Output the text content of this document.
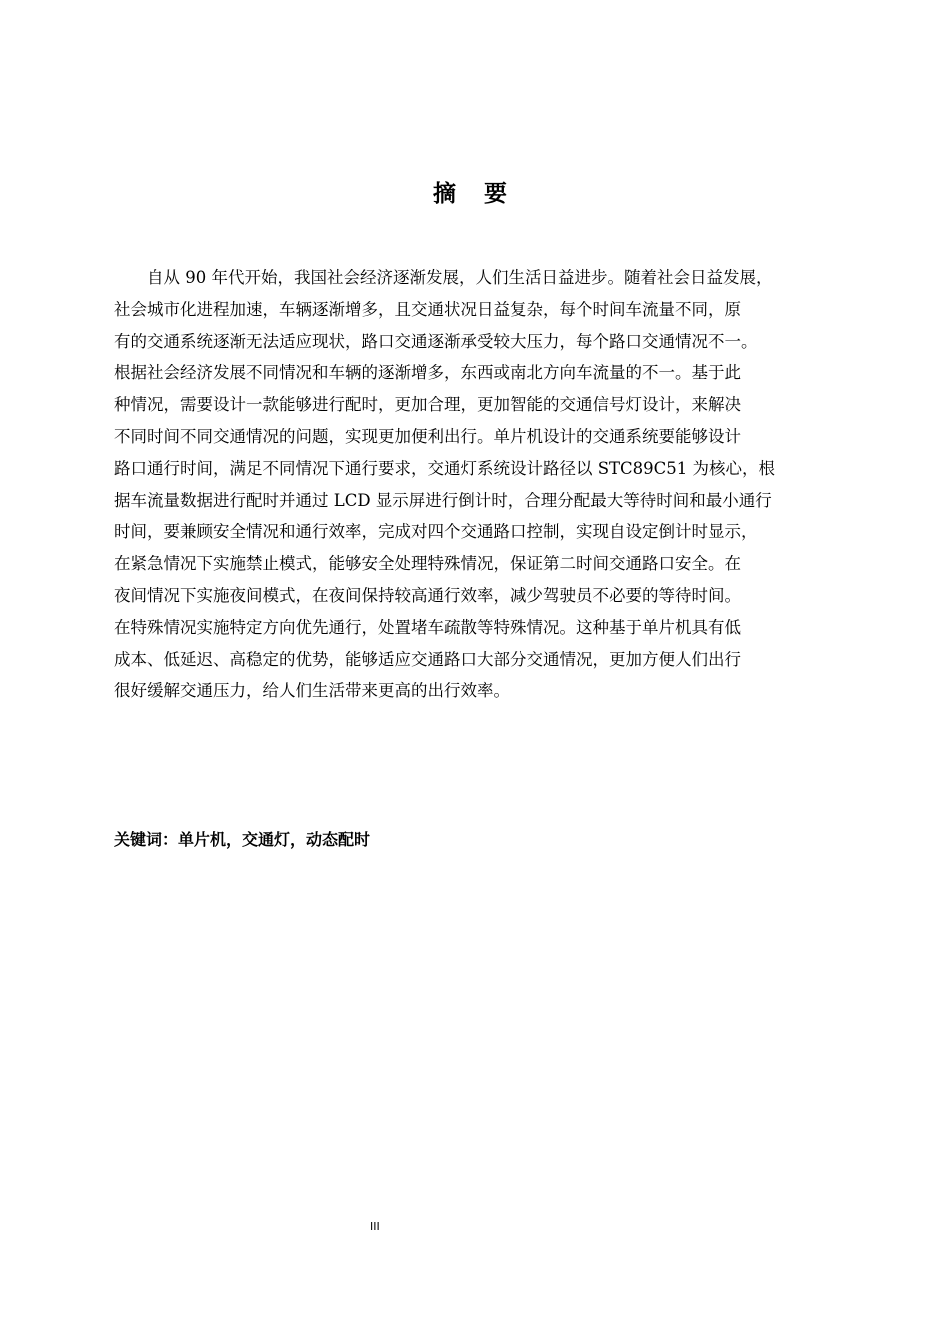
摘 要
　　自从 90 年代开始，我国社会经济逐渐发展，人们生活日益进步。随着社会日益发展，
社会城市化进程加速，车辆逐渐增多，且交通状况日益复杂，每个时间车流量不同，原
有的交通系统逐渐无法适应现状，路口交通逐渐承受较大压力，每个路口交通情况不一。
根据社会经济发展不同情况和车辆的逐渐增多，东西或南北方向车流量的不一。基于此
种情况，需要设计一款能够进行配时，更加合理，更加智能的交通信号灯设计，来解决
不同时间不同交通情况的问题，实现更加便利出行。单片机设计的交通系统要能够设计
路口通行时间，满足不同情况下通行要求，交通灯系统设计路径以 STC89C51 为核心，根
据车流量数据进行配时并通过 LCD 显示屏进行倒计时，合理分配最大等待时间和最小通行
时间，要兼顾安全情况和通行效率，完成对四个交通路口控制，实现自设定倒计时显示，
在紧急情况下实施禁止模式，能够安全处理特殊情况，保证第二时间交通路口安全。在
夜间情况下实施夜间模式，在夜间保持较高通行效率，减少驾驶员不必要的等待时间。
在特殊情况实施特定方向优先通行，处置堵车疏散等特殊情况。这种基于单片机具有低
成本、低延迟、高稳定的优势，能够适应交通路口大部分交通情况，更加方便人们出行
很好缓解交通压力，给人们生活带来更高的出行效率。
关键词：单片机，交通灯，动态配时
III
